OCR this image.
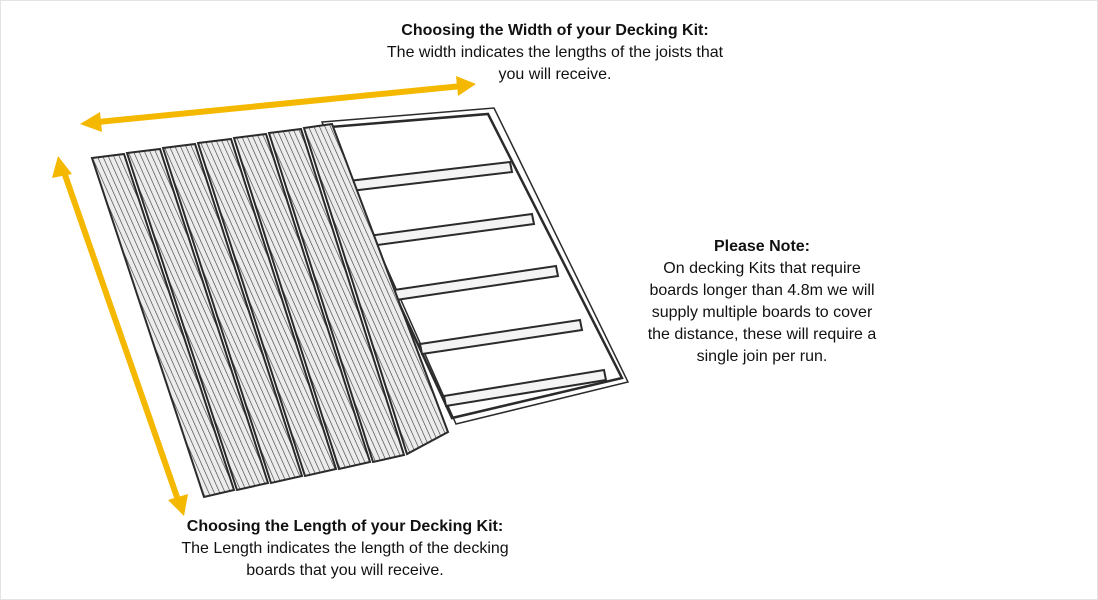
Choosing the Width of your Decking Kit:
The width indicates the lengths of the joists that
you will receive.
Please Note:
On decking Kits that require
boards longer than 4.8m we will
supply multiple boards to cover
the distance, these will require a
single join per run.
Choosing the Length of your Decking Kit:
The Length indicates the length of the decking
boards that you will receive.
